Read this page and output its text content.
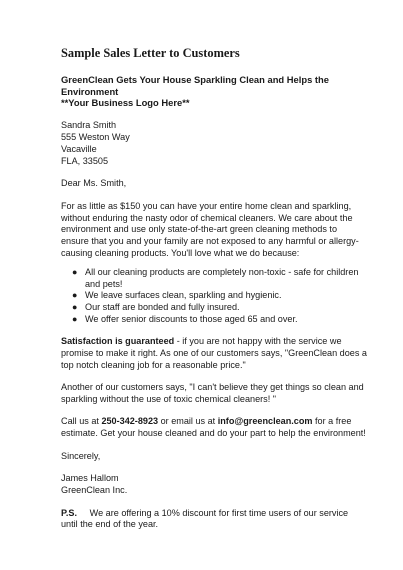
Sample Sales Letter to Customers
GreenClean Gets Your House Sparkling Clean and Helps the Environment
**Your Business Logo Here**
Sandra Smith
555 Weston Way
Vacaville
FLA, 33505

Dear Ms. Smith,

For as little as $150 you can have your entire home clean and sparkling, without enduring the nasty odor of chemical cleaners. We care about the environment and use only state-of-the-art green cleaning methods to ensure that you and your family are not exposed to any harmful or allergy-causing cleaning products. You'll love what we do because:

● All our cleaning products are completely non-toxic - safe for children and pets!
● We leave surfaces clean, sparkling and hygienic.
● Our staff are bonded and fully insured.
● We offer senior discounts to those aged 65 and over.

Satisfaction is guaranteed - if you are not happy with the service we promise to make it right. As one of our customers says, "GreenClean does a top notch cleaning job for a reasonable price."

Another of our customers says, "I can't believe they get things so clean and sparkling without the use of toxic chemical cleaners! "

Call us at 250-342-8923 or email us at info@greenclean.com for a free estimate. Get your house cleaned and do your part to help the environment!

Sincerely,

James Hallom
GreenClean Inc.

P.S. We are offering a 10% discount for first time users of our service until the end of the year.
